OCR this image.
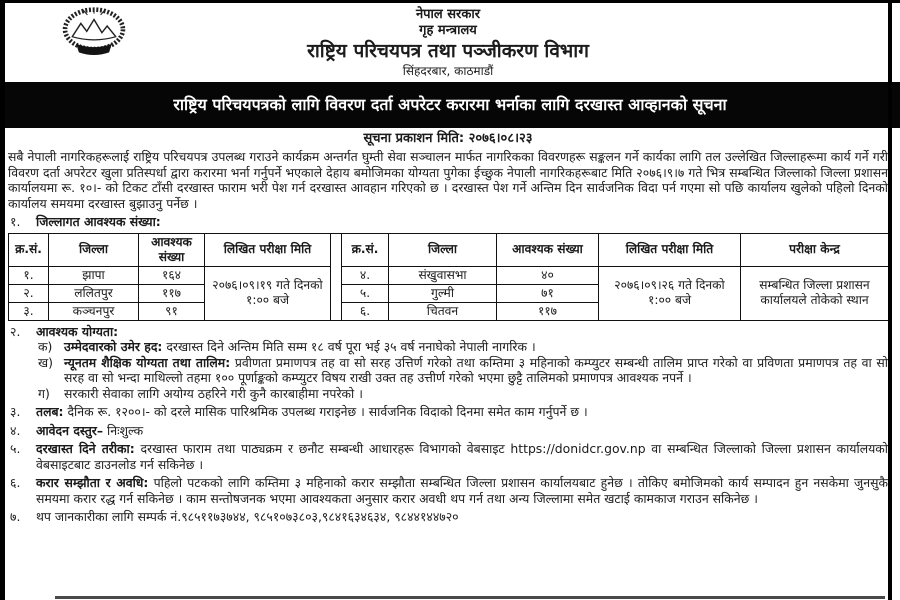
नेपाल सरकार
गृह मन्त्रालय
राष्ट्रिय परिचयपत्र तथा पञ्जीकरण विभाग
सिंहदरबार, काठमाडौं
राष्ट्रिय परिचयपत्रको लागि विवरण दर्ता अपरेटर करारमा भर्नाका लागि दरखास्त आव्हानको सूचना
सूचना प्रकाशन मिति: २०७६।०८।२३
सबै नेपाली नागरिकहरूलाई राष्ट्रिय परिचयपत्र उपलब्ध गराउने कार्यक्रम अन्तर्गत घुम्ती सेवा सञ्चालन मार्फत नागरिकका विवरणहरू सङ्कलन गर्ने कार्यका लागि तल उल्लेखित जिल्लाहरूमा कार्य गर्ने गरी विवरण दर्ता अपरेटर खुला प्रतिस्पर्धा द्वारा करारमा भर्ना गर्नुपर्ने भएकाले देहाय बमोजिमका योग्यता पुगेका ईच्छुक नेपाली नागरिकहरूबाट मिति २०७६।९।७ गते भित्र सम्बन्धित जिल्लाको जिल्ला प्रशासन कार्यालयमा रू. १०।- को टिकट टाँसी दरखास्त फाराम भरी पेश गर्न दरखास्त आवहान गरिएको छ । दरखास्त पेश गर्ने अन्तिम दिन सार्वजनिक विदा पर्न गएमा सो पछि कार्यालय खुलेको पहिलो दिनको कार्यालय समयमा दरखास्त बुझाउनु पर्नेछ ।
१.	जिल्लागत आवश्यक संख्या:
क्र.सं.	जिल्ला	आवश्यक संख्या	लिखित परीक्षा मिति		क्र.सं.	जिल्ला	आवश्यक संख्या	लिखित परीक्षा मिति	परीक्षा केन्द्र
१.	झापा	१६४	२०७६।०९।१९ गते दिनको १:०० बजे		४.	संखुवासभा	४०	२०७६।०९।२६ गते दिनको १:०० बजे	सम्बन्धित जिल्ला प्रशासन कार्यालयले तोकेको स्थान
२.	ललितपुर	११७			५.	गुल्मी	७१		
३.	कञ्चनपुर	९१			६.	चितवन	११७		
२.	आवश्यक योग्यता:
क) उम्मेदवारको उमेर हद: दरखास्त दिने अन्तिम मिति सम्म १८ वर्ष पूरा भई ३५ वर्ष ननाघेको नेपाली नागरिक ।
ख) न्यूनतम शैक्षिक योग्यता तथा तालिम: प्रवीणता प्रमाणपत्र तह वा सो सरह उत्तिर्ण गरेको तथा कम्तिमा ३ महिनाको कम्प्युटर सम्बन्धी तालिम प्राप्त गरेको वा प्रविणता प्रमाणपत्र तह वा सो सरह वा सो भन्दा माथिल्लो तहमा १०० पूर्णाङ्कको कम्प्युटर विषय राखी उक्त तह उत्तीर्ण गरेको भएमा छुट्टै तालिमको प्रमाणपत्र आवश्यक नपर्ने ।
ग)	सरकारी सेवाका लागि अयोग्य ठहरिने गरी कुनै कारबाहीमा नपरेको ।
३.	तलब: दैनिक रू. १२००।- को दरले मासिक पारिश्रमिक उपलब्ध गराइनेछ । सार्वजनिक विदाको दिनमा समेत काम गर्नुपर्ने छ ।
४.	आवेदन दस्तुर– निःशुल्क
५.	दरखास्त दिने तरीका: दरखास्त फाराम तथा पाठ्यक्रम र छनौट सम्बन्धी आधारहरू विभागको वेबसाइट https://donidcr.gov.np वा सम्बन्धित जिल्लाको जिल्ला प्रशासन कार्यालयको वेबसाइटबाट डाउनलोड गर्न सकिनेछ ।
६.	करार सम्झौता र अवधि: पहिलो पटकको लागि कम्तिमा ३ महिनाको करार सम्झौता सम्बन्धित जिल्ला प्रशासन कार्यालयबाट हुनेछ । तोकिए बमोजिमको कार्य सम्पादन हुन नसकेमा जुनसुकै समयमा करार रद्ध गर्न सकिनेछ । काम सन्तोषजनक भएमा आवश्यकता अनुसार करार अवधी थप गर्न तथा अन्य जिल्लामा समेत खटाई कामकाज गराउन सकिनेछ ।
७.	थप जानकारीका लागि सम्पर्क नं.९८५११७३७४४, ९८५१०७३८०३,९८४१६३४६३४, ९८४४१४४७२०
